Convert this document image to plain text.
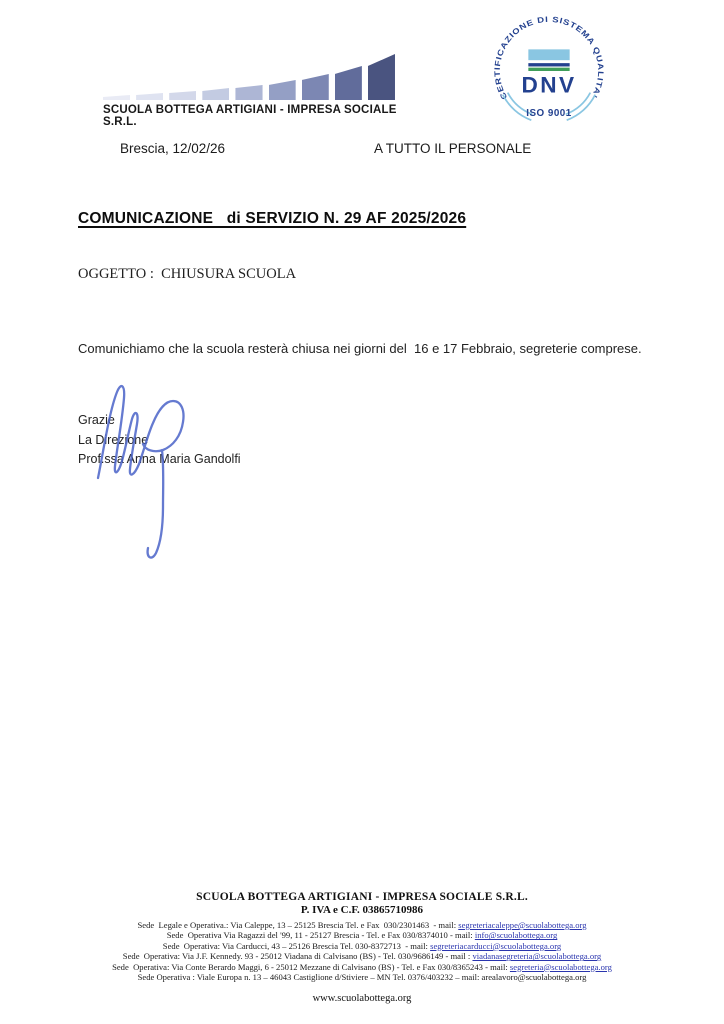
SCUOLA BOTTEGA ARTIGIANI - IMPRESA SOCIALE S.R.L.
CERTIFICAZIONE DI SISTEMA QUALITA'
DNV
ISO 9001
Brescia, 12/02/26	A TUTTO IL PERSONALE
COMUNICAZIONE   di SERVIZIO N. 29 AF 2025/2026
OGGETTO :  CHIUSURA SCUOLA
Comunichiamo che la scuola resterà chiusa nei giorni del  16 e 17 Febbraio, segreterie comprese.
Grazie
La Direzione
Prof.ssa Anna Maria Gandolfi
SCUOLA BOTTEGA ARTIGIANI - IMPRESA SOCIALE S.R.L.
P. IVA e C.F. 03865710986
Sede  Legale e Operativa.: Via Caleppe, 13 – 25125 Brescia Tel. e Fax  030/2301463  - mail: segreteriacaleppe@scuolabottega.org
Sede  Operativa Via Ragazzi del '99, 11 - 25127 Brescia - Tel. e Fax 030/8374010 - mail: info@scuolabottega.org
Sede  Operativa: Via Carducci, 43 – 25126 Brescia Tel. 030-8372713  - mail: segreteriacarducci@scuolabottega.org
Sede  Operativa: Via J.F. Kennedy. 93 - 25012 Viadana di Calvisano (BS) - Tel. 030/9686149 - mail : viadanasegreteria@scuolabottega.org
Sede  Operativa: Via Conte Berardo Maggi, 6 - 25012 Mezzane di Calvisano (BS) - Tel. e Fax 030/8365243 - mail: segreteria@scuolabottega.org
Sede Operativa : Viale Europa n. 13 – 46043 Castiglione d/Stiviere – MN Tel. 0376/403232 – mail: arealavoro@scuolabottega.org
www.scuolabottega.org
